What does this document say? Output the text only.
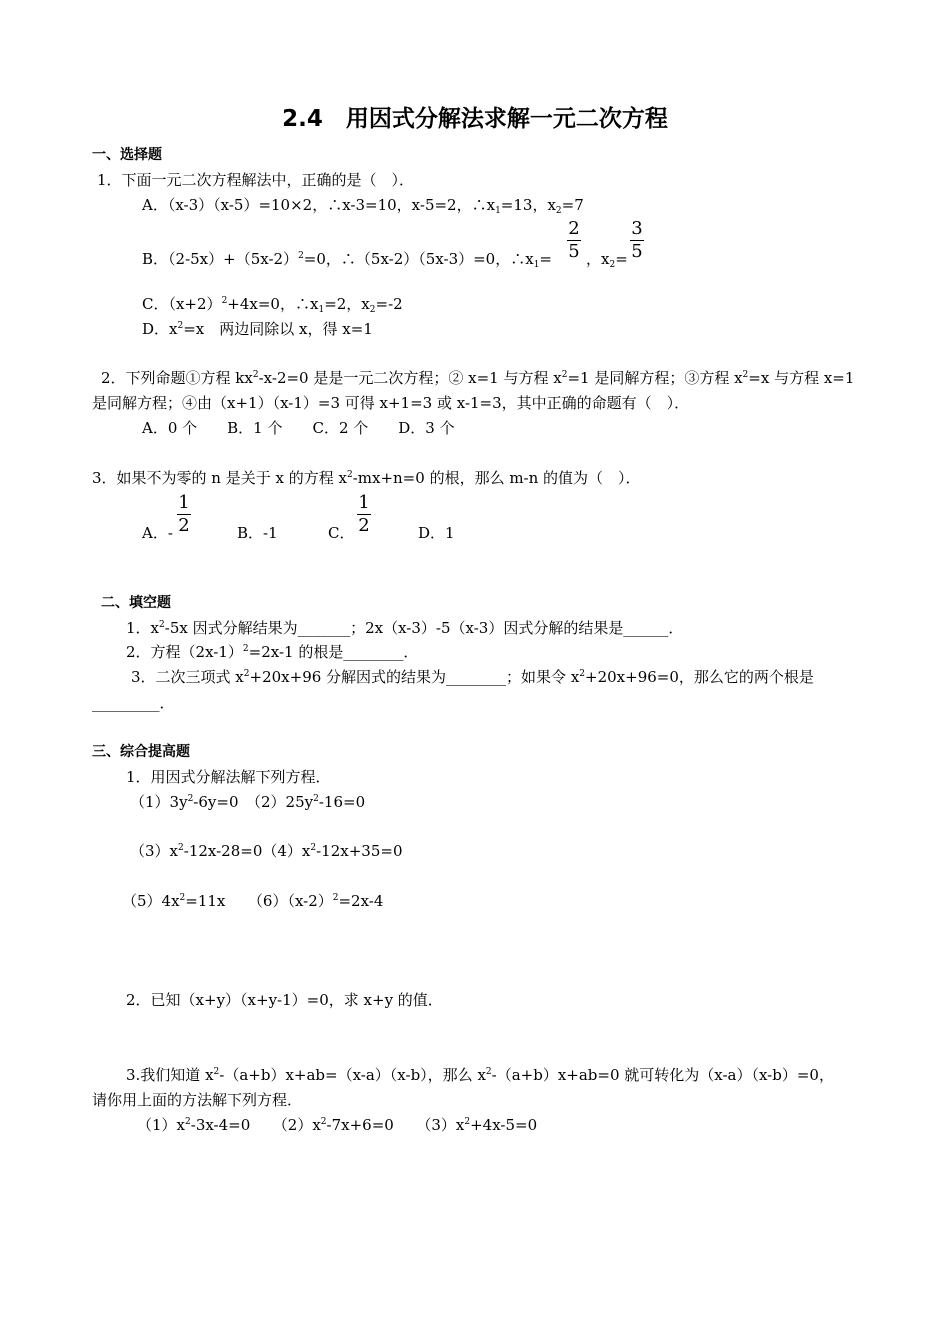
2.4　用因式分解法求解一元二次方程
一、选择题
1．下面一元二次方程解法中，正确的是（　）．
A．（x-3）（x-5）=10×2，∴x-3=10，x-5=2，$\therefore x_1=13$，$x_2=7$
B．$(2-5x)+(5x-2)^2=0$，∴（5x-2）（5x-3）=0，$\therefore x_1=$
2
5 ，$x_2=$
3
5
C．$(x+2)^2+4x=0$，$\therefore x_1=2$，$x_2=-2$
D．$x^2=x$　两边同除以 x，得 x=1
2．下列命题①方程 $kx^2-x-2=0$ 是是一元二次方程；② x=1 与方程 $x^2=1$ 是同解方程；③方程 $x^2=x$ 与方程 x=1
是同解方程；④由（x+1）（x-1）=3 可得 x+1=3 或 x-1=3，其中正确的命题有（　）．
A．0 个　　B．1 个　　C．2 个　　D．3 个
3．如果不为零的 n 是关于 x 的方程 $x^2-mx+n=0$ 的根，那么 m-n 的值为（　）．
A．-
1
2	B．-1	C．
1
2	D．1
二、填空题
1．$x^2-5x$ 因式分解结果为_______；2x（x-3）-5（x-3）因式分解的结果是______．
2．方程$(2x-1)^2=2x-1$ 的根是________．
3．二次三项式 $x^2+20x+96$ 分解因式的结果为________；如果令 $x^2+20x+96=0$，那么它的两个根是
_________．
三、综合提高题
1．用因式分解法解下列方程．
$(1)3y^2-6y=0$　$(2)25y^2-16=0$
$(3)x^2-12x-28=0(4)x^2-12x+35=0$
$(5)4x^2=11x$　　$(6)(x-2)^2=2x-4$
2．已知（x+y）（x+y-1）=0，求 x+y 的值．
3.我们知道 $x^2-(a+b)x+ab=(x-a)(x-b)$，那么 $x^2-(a+b)x+ab=0$ 就可转化为（x-a）（x-b）=0，
请你用上面的方法解下列方程．
$(1)x^2-3x-4=0$　　$(2)x^2-7x+6=0$　　$(3)x^2+4x-5=0$
